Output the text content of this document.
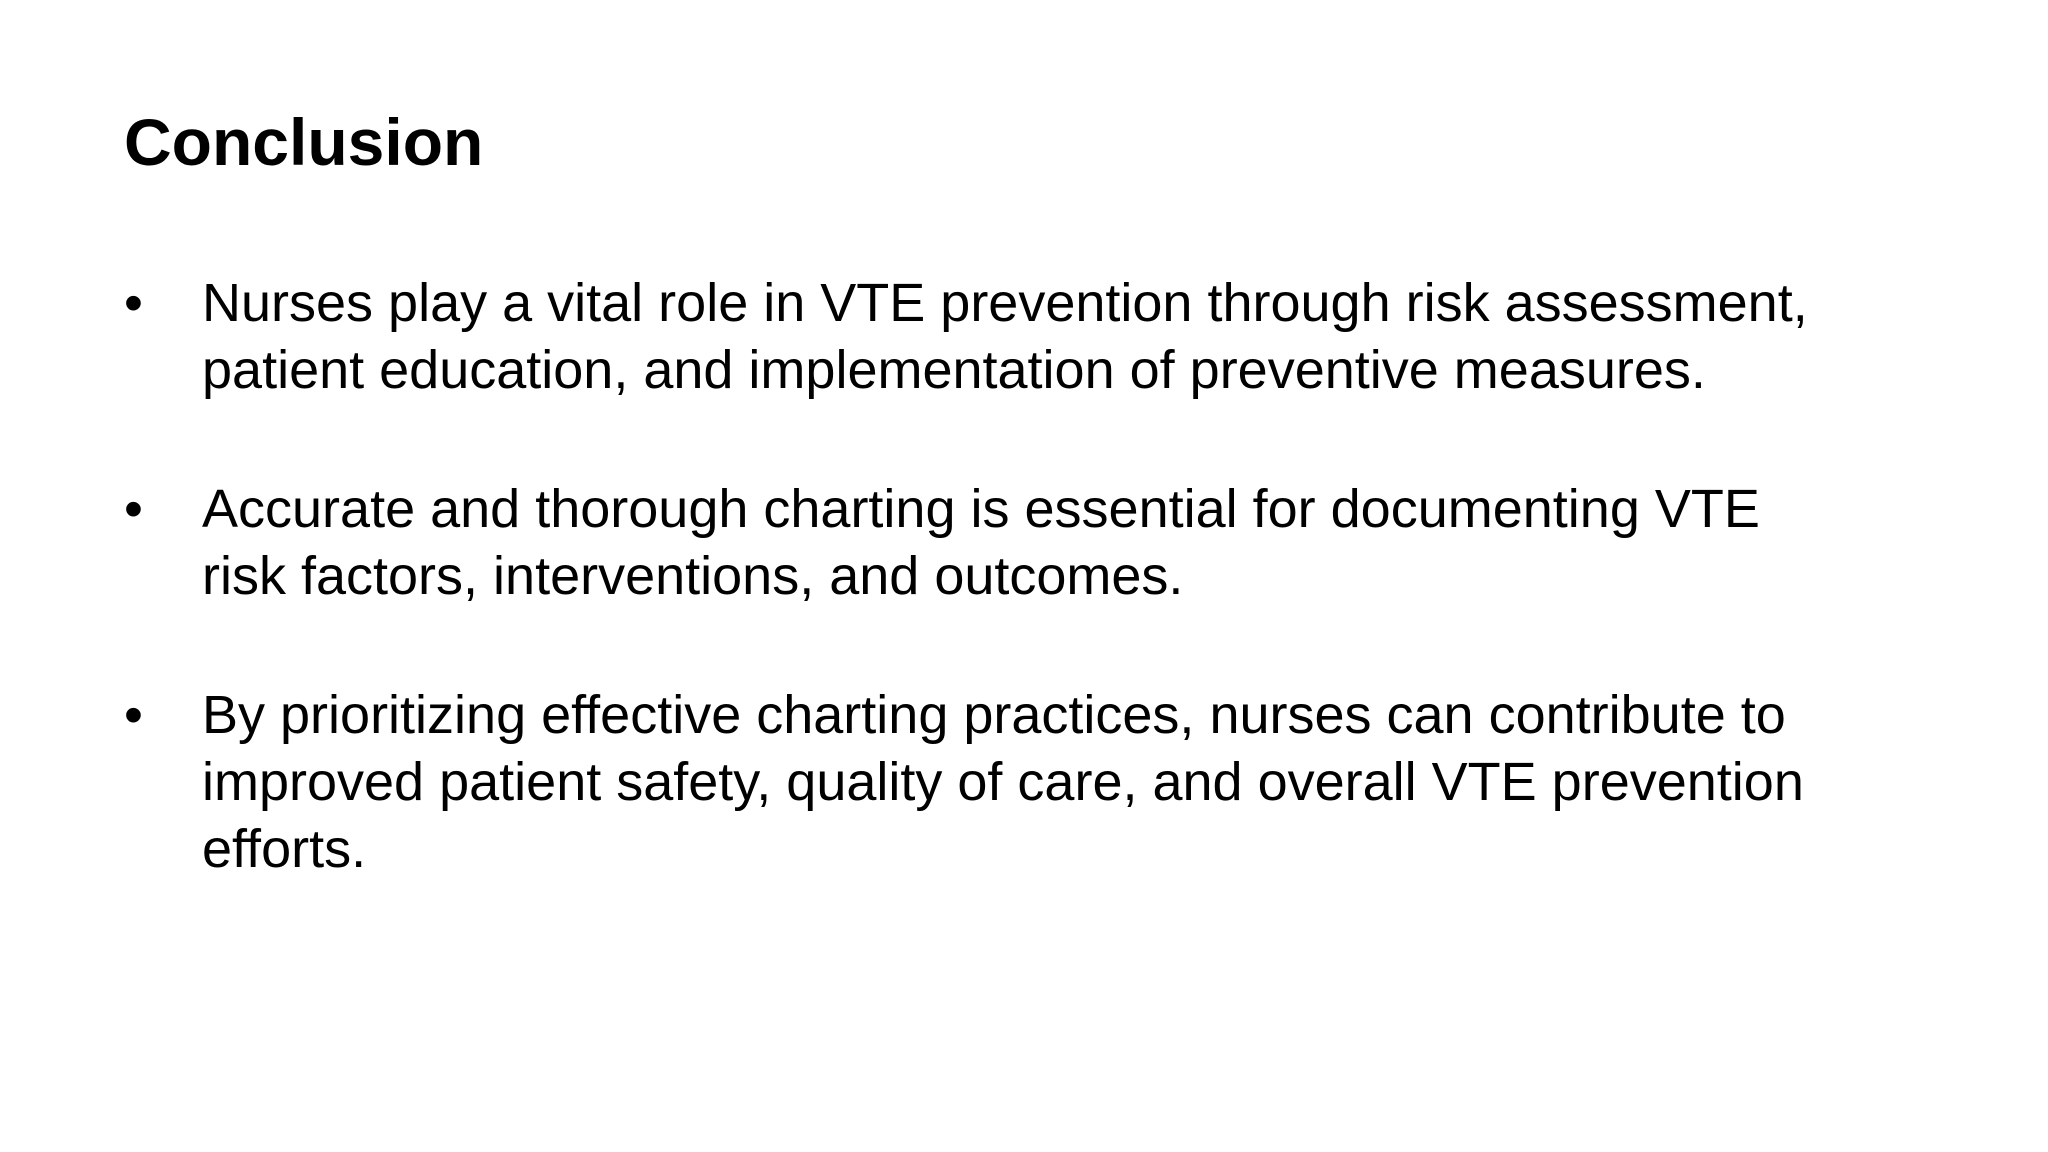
Conclusion
• Nurses play a vital role in VTE prevention through risk assessment,
patient education, and implementation of preventive measures.
• Accurate and thorough charting is essential for documenting VTE
risk factors, interventions, and outcomes.
• By prioritizing effective charting practices, nurses can contribute to
improved patient safety, quality of care, and overall VTE prevention
efforts.
